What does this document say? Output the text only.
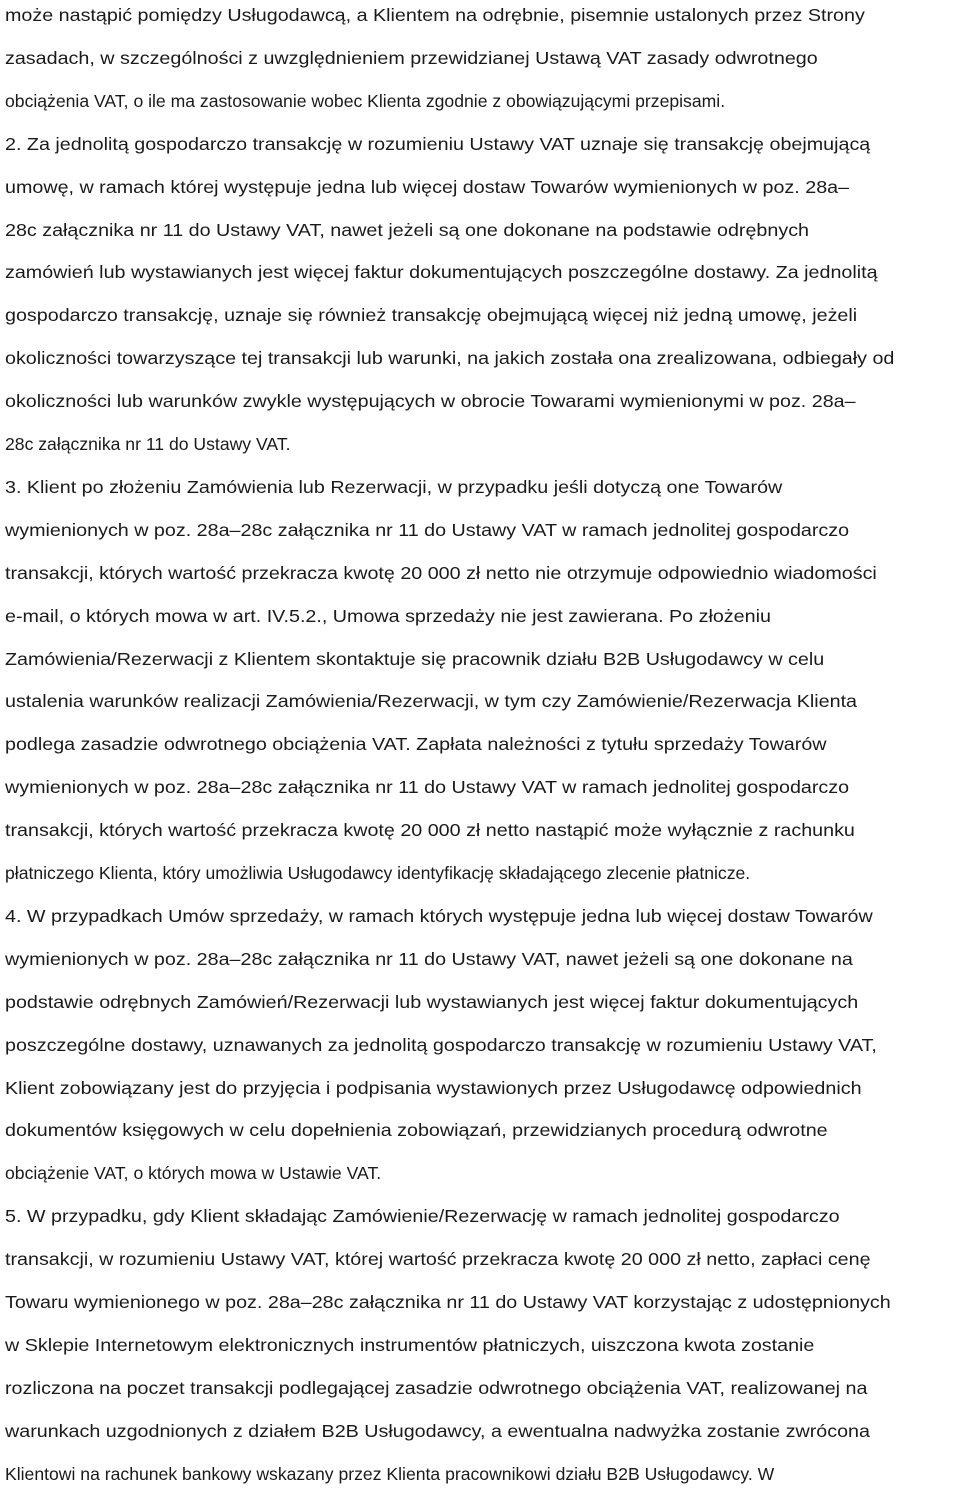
może nastąpić pomiędzy Usługodawcą, a Klientem na odrębnie, pisemnie ustalonych przez Strony
zasadach, w szczególności z uwzględnieniem przewidzianej Ustawą VAT zasady odwrotnego
obciążenia VAT, o ile ma zastosowanie wobec Klienta zgodnie z obowiązującymi przepisami.
2. Za jednolitą gospodarczo transakcję w rozumieniu Ustawy VAT uznaje się transakcję obejmującą
umowę, w ramach której występuje jedna lub więcej dostaw Towarów wymienionych w poz. 28a–
28c załącznika nr 11 do Ustawy VAT, nawet jeżeli są one dokonane na podstawie odrębnych
zamówień lub wystawianych jest więcej faktur dokumentujących poszczególne dostawy. Za jednolitą
gospodarczo transakcję, uznaje się również transakcję obejmującą więcej niż jedną umowę, jeżeli
okoliczności towarzyszące tej transakcji lub warunki, na jakich została ona zrealizowana, odbiegały od
okoliczności lub warunków zwykle występujących w obrocie Towarami wymienionymi w poz. 28a–
28c załącznika nr 11 do Ustawy VAT.
3. Klient po złożeniu Zamówienia lub Rezerwacji, w przypadku jeśli dotyczą one Towarów
wymienionych w poz. 28a–28c załącznika nr 11 do Ustawy VAT w ramach jednolitej gospodarczo
transakcji, których wartość przekracza kwotę 20 000 zł netto nie otrzymuje odpowiednio wiadomości
e-mail, o których mowa w art. IV.5.2., Umowa sprzedaży nie jest zawierana. Po złożeniu
Zamówienia/Rezerwacji z Klientem skontaktuje się pracownik działu B2B Usługodawcy w celu
ustalenia warunków realizacji Zamówienia/Rezerwacji, w tym czy Zamówienie/Rezerwacja Klienta
podlega zasadzie odwrotnego obciążenia VAT. Zapłata należności z tytułu sprzedaży Towarów
wymienionych w poz. 28a–28c załącznika nr 11 do Ustawy VAT w ramach jednolitej gospodarczo
transakcji, których wartość przekracza kwotę 20 000 zł netto nastąpić może wyłącznie z rachunku
płatniczego Klienta, który umożliwia Usługodawcy identyfikację składającego zlecenie płatnicze.
4. W przypadkach Umów sprzedaży, w ramach których występuje jedna lub więcej dostaw Towarów
wymienionych w poz. 28a–28c załącznika nr 11 do Ustawy VAT, nawet jeżeli są one dokonane na
podstawie odrębnych Zamówień/Rezerwacji lub wystawianych jest więcej faktur dokumentujących
poszczególne dostawy, uznawanych za jednolitą gospodarczo transakcję w rozumieniu Ustawy VAT,
Klient zobowiązany jest do przyjęcia i podpisania wystawionych przez Usługodawcę odpowiednich
dokumentów księgowych w celu dopełnienia zobowiązań, przewidzianych procedurą odwrotne
obciążenie VAT, o których mowa w Ustawie VAT.
5. W przypadku, gdy Klient składając Zamówienie/Rezerwację w ramach jednolitej gospodarczo
transakcji, w rozumieniu Ustawy VAT, której wartość przekracza kwotę 20 000 zł netto, zapłaci cenę
Towaru wymienionego w poz. 28a–28c załącznika nr 11 do Ustawy VAT korzystając z udostępnionych
w Sklepie Internetowym elektronicznych instrumentów płatniczych, uiszczona kwota zostanie
rozliczona na poczet transakcji podlegającej zasadzie odwrotnego obciążenia VAT, realizowanej na
warunkach uzgodnionych z działem B2B Usługodawcy, a ewentualna nadwyżka zostanie zwrócona
Klientowi na rachunek bankowy wskazany przez Klienta pracownikowi działu B2B Usługodawcy. W
